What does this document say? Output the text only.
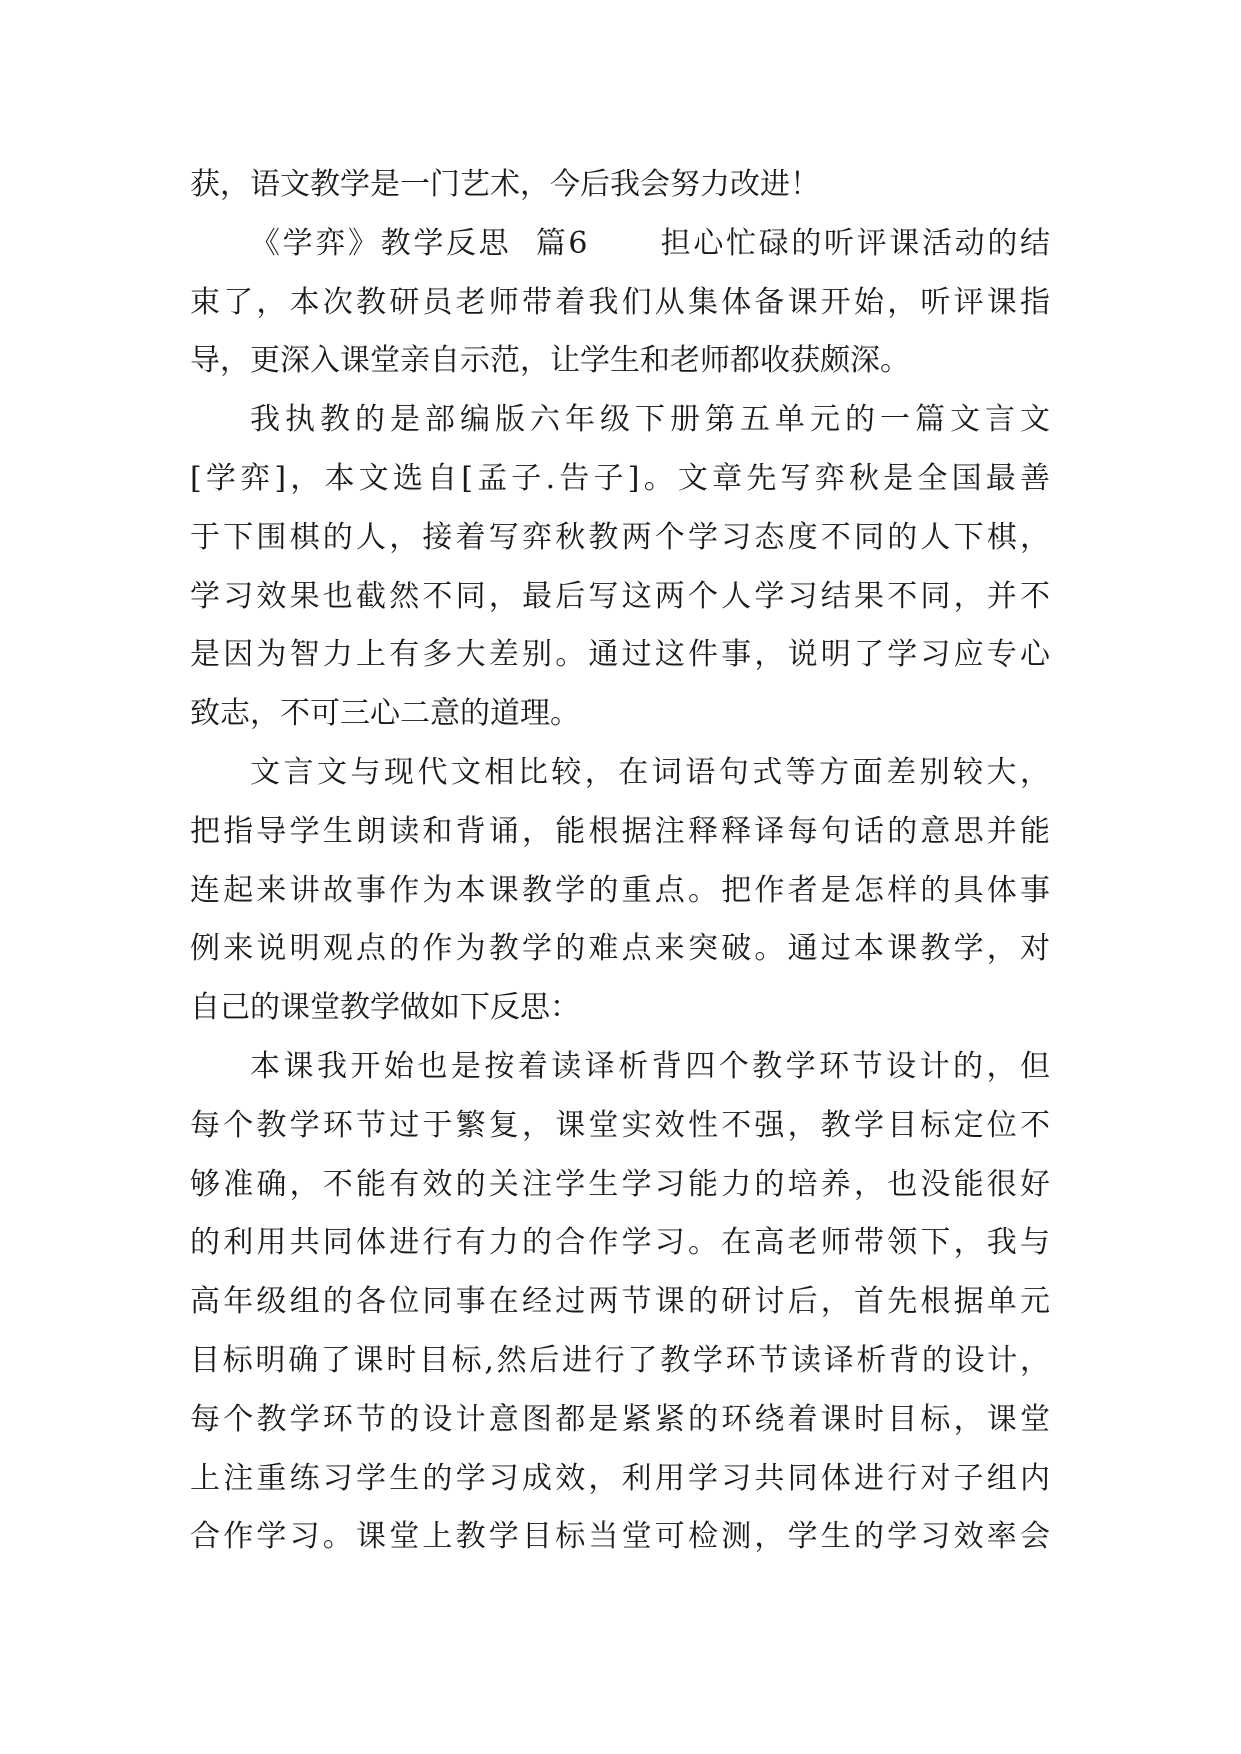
获，语文教学是一门艺术，今后我会努力改进！
《学弈》教学反思  篇6      担心忙碌的听评课活动的结
束了，本次教研员老师带着我们从集体备课开始，听评课指
导，更深入课堂亲自示范，让学生和老师都收获颇深。
我执教的是部编版六年级下册第五单元的一篇文言文
[学弈]，本文选自[孟子.告子]。文章先写弈秋是全国最善
于下围棋的人，接着写弈秋教两个学习态度不同的人下棋，
学习效果也截然不同，最后写这两个人学习结果不同，并不
是因为智力上有多大差别。通过这件事，说明了学习应专心
致志，不可三心二意的道理。
文言文与现代文相比较，在词语句式等方面差别较大，
把指导学生朗读和背诵，能根据注释释译每句话的意思并能
连起来讲故事作为本课教学的重点。把作者是怎样的具体事
例来说明观点的作为教学的难点来突破。通过本课教学，对
自己的课堂教学做如下反思：
本课我开始也是按着读译析背四个教学环节设计的，但
每个教学环节过于繁复，课堂实效性不强，教学目标定位不
够准确，不能有效的关注学生学习能力的培养，也没能很好
的利用共同体进行有力的合作学习。在高老师带领下，我与
高年级组的各位同事在经过两节课的研讨后，首先根据单元
目标明确了课时目标,然后进行了教学环节读译析背的设计，
每个教学环节的设计意图都是紧紧的环绕着课时目标，课堂
上注重练习学生的学习成效，利用学习共同体进行对子组内
合作学习。课堂上教学目标当堂可检测，学生的学习效率会
